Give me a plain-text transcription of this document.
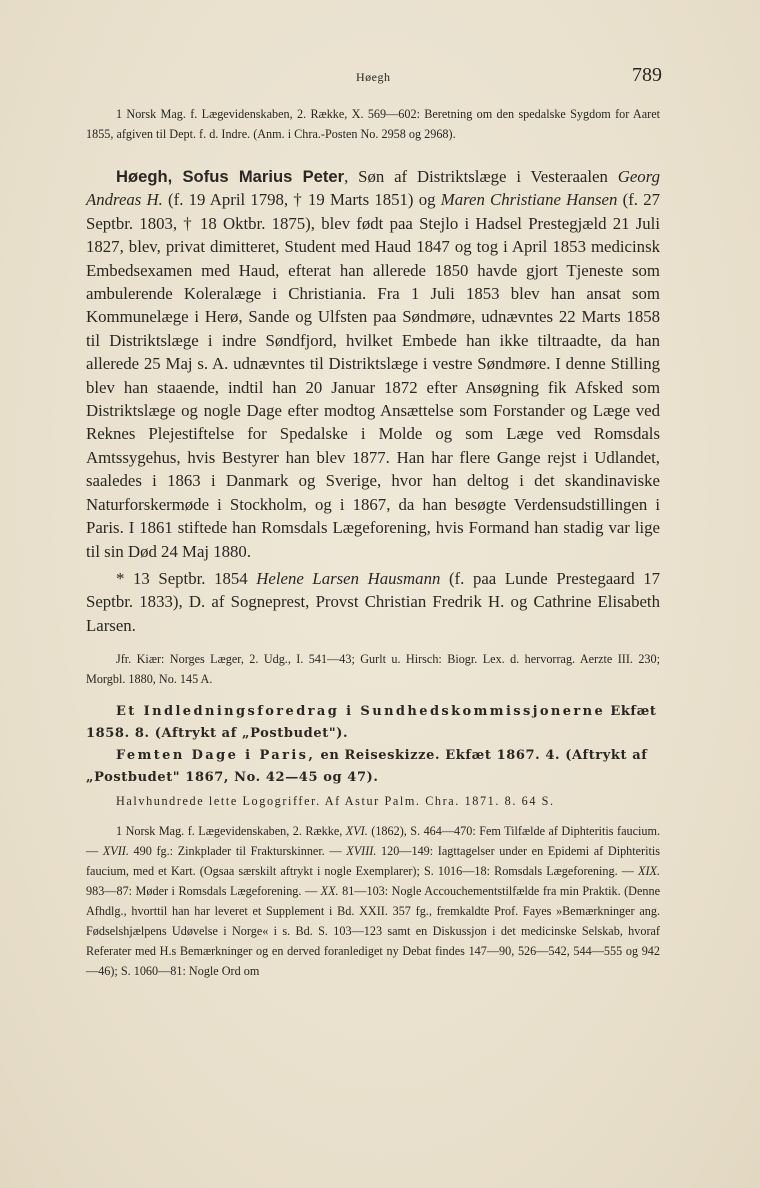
Høegh	789

1 Norsk Mag. f. Lægevidenskaben, 2. Række, X. 569—602: Beretning om den spedalske Sygdom for Aaret 1855, afgiven til Dept. f. d. Indre. (Anm. i Chra.-Posten No. 2958 og 2968).

Høegh, Sofus Marius Peter, Søn af Distriktslæge i Vesteraalen Georg Andreas H. (f. 19 April 1798, † 19 Marts 1851) og Maren Christiane Hansen (f. 27 Septbr. 1803, † 18 Oktbr. 1875), blev født paa Stejlo i Hadsel Prestegjæld 21 Juli 1827, blev, privat dimitteret, Student med Haud 1847 og tog i April 1853 medicinsk Embedsexamen med Haud, efterat han allerede 1850 havde gjort Tjeneste som ambulerende Koleralæge i Christiania. Fra 1 Juli 1853 blev han ansat som Kommunelæge i Herø, Sande og Ulfsten paa Søndmøre, udnævntes 22 Marts 1858 til Distriktslæge i indre Søndfjord, hvilket Embede han ikke tiltraadte, da han allerede 25 Maj s. A. udnævntes til Distriktslæge i vestre Søndmøre. I denne Stilling blev han staaende, indtil han 20 Januar 1872 efter Ansøgning fik Afsked som Distriktslæge og nogle Dage efter modtog Ansættelse som Forstander og Læge ved Reknes Plejestiftelse for Spedalske i Molde og som Læge ved Romsdals Amtssygehus, hvis Bestyrer han blev 1877. Han har flere Gange rejst i Udlandet, saaledes i 1863 i Danmark og Sverige, hvor han deltog i det skandinaviske Naturforskermøde i Stockholm, og i 1867, da han besøgte Verdensudstillingen i Paris. I 1861 stiftede han Romsdals Lægeforening, hvis Formand han stadig var lige til sin Død 24 Maj 1880.

* 13 Septbr. 1854 Helene Larsen Hausmann (f. paa Lunde Prestegaard 17 Septbr. 1833), D. af Sogneprest, Provst Christian Fredrik H. og Cathrine Elisabeth Larsen.

Jfr. Kiær: Norges Læger, 2. Udg., I. 541—43; Gurlt u. Hirsch: Biogr. Lex. d. hervorrag. Aerzte III. 230; Morgbl. 1880, No. 145 A.

Et Indledningsforedrag i Sundhedskommissjonerne Ekfæt 1858. 8. (Aftrykt af „Postbudet").

Femten Dage i Paris, en Reiseskizze. Ekfæt 1867. 4. (Aftrykt af „Postbudet" 1867, No. 42—45 og 47).

Halvhundrede lette Logogriffer. Af Astur Palm. Chra. 1871. 8. 64 S.

1 Norsk Mag. f. Lægevidenskaben, 2. Række, XVI. (1862), S. 464—470: Fem Tilfælde af Diphteritis faucium. — XVII. 490 fg.: Zinkplader til Frakturskinner. — XVIII. 120—149: Iagttagelser under en Epidemi af Diphteritis faucium, med et Kart. (Ogsaa særskilt aftrykt i nogle Exemplarer); S. 1016—18: Romsdals Lægeforening. — XIX. 983—87: Møder i Romsdals Lægeforening. — XX. 81—103: Nogle Accouchementstilfælde fra min Praktik. (Denne Afhdlg., hvorttil han har leveret et Supplement i Bd. XXII. 357 fg., fremkaldte Prof. Fayes »Bemærkninger ang. Fødselshjælpens Udøvelse i Norge« i s. Bd. S. 103—123 samt en Diskussjon i det medicinske Selskab, hvoraf Referater med H.s Bemærkninger og en derved foranlediget ny Debat findes 147—90, 526—542, 544—555 og 942—46); S. 1060—81: Nogle Ord om
